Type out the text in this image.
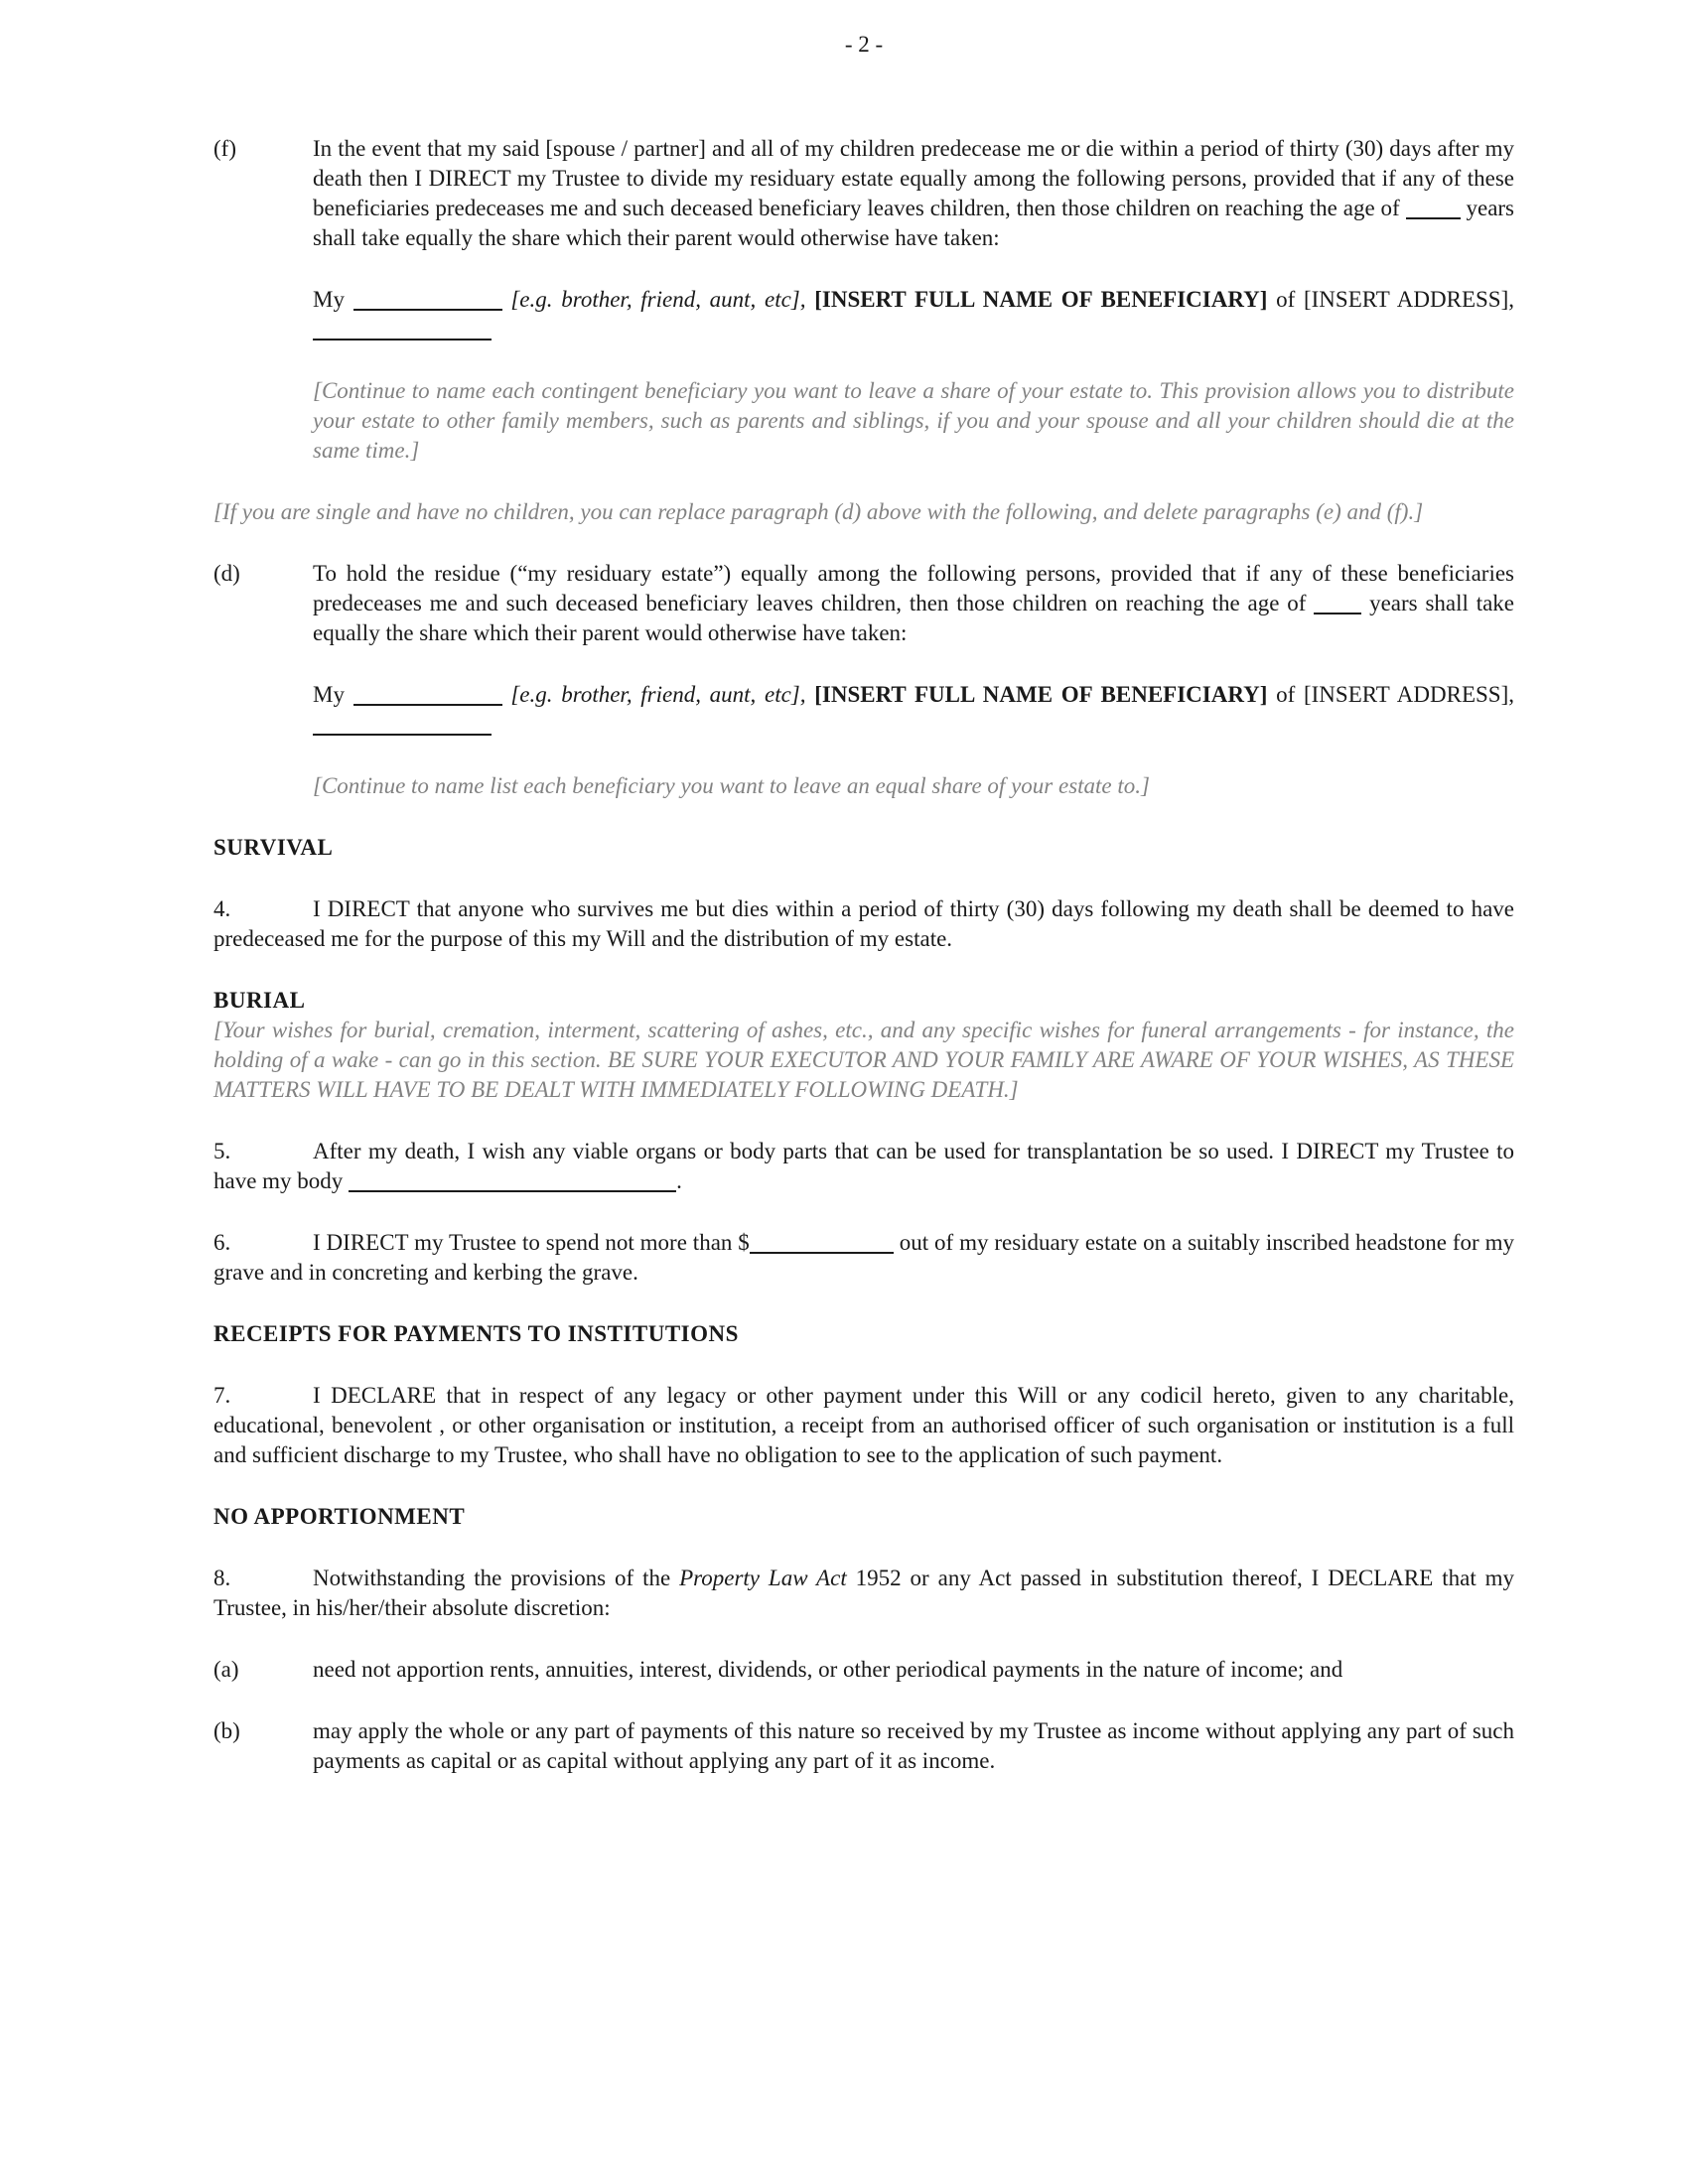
- 2 -
(f)	In the event that my said [spouse / partner] and all of my children predecease me or die within a period of thirty (30) days after my death then I DIRECT my Trustee to divide my residuary estate equally among the following persons, provided that if any of these beneficiaries predeceases me and such deceased beneficiary leaves children, then those children on reaching the age of	years shall take equally the share which their parent would otherwise have taken:
My	[e.g. brother, friend, aunt, etc], [INSERT FULL NAME OF BENEFICIARY] of [INSERT ADDRESS],
[Continue to name each contingent beneficiary you want to leave a share of your estate to. This provision allows you to distribute your estate to other family members, such as parents and siblings, if you and your spouse and all your children should die at the same time.]
[If you are single and have no children, you can replace paragraph (d) above with the following, and delete paragraphs (e) and (f).]
(d)	To hold the residue (“my residuary estate”) equally among the following persons, provided that if any of these beneficiaries predeceases me and such deceased beneficiary leaves children, then those children on reaching the age of	years shall take equally the share which their parent would otherwise have taken:
My	[e.g. brother, friend, aunt, etc], [INSERT FULL NAME OF BENEFICIARY] of [INSERT ADDRESS],
[Continue to name list each beneficiary you want to leave an equal share of your estate to.]
SURVIVAL
4.	I DIRECT that anyone who survives me but dies within a period of thirty (30) days following my death shall be deemed to have predeceased me for the purpose of this my Will and the distribution of my estate.
BURIAL
[Your wishes for burial, cremation, interment, scattering of ashes, etc., and any specific wishes for funeral arrangements - for instance, the holding of a wake - can go in this section. BE SURE YOUR EXECUTOR AND YOUR FAMILY ARE AWARE OF YOUR WISHES, AS THESE MATTERS WILL HAVE TO BE DEALT WITH IMMEDIATELY FOLLOWING DEATH.]
5.	After my death, I wish any viable organs or body parts that can be used for transplantation be so used. I DIRECT my Trustee to have my body	.
6.	I DIRECT my Trustee to spend not more than $	out of my residuary estate on a suitably inscribed headstone for my grave and in concreting and kerbing the grave.
RECEIPTS FOR PAYMENTS TO INSTITUTIONS
7.	I DECLARE that in respect of any legacy or other payment under this Will or any codicil hereto, given to any charitable, educational, benevolent , or other organisation or institution, a receipt from an authorised officer of such organisation or institution is a full and sufficient discharge to my Trustee, who shall have no obligation to see to the application of such payment.
NO APPORTIONMENT
8.	Notwithstanding the provisions of the Property Law Act 1952 or any Act passed in substitution thereof, I DECLARE that my Trustee, in his/her/their absolute discretion:
(a)	need not apportion rents, annuities, interest, dividends, or other periodical payments in the nature of income; and
(b)	may apply the whole or any part of payments of this nature so received by my Trustee as income without applying any part of such payments as capital or as capital without applying any part of it as income.
